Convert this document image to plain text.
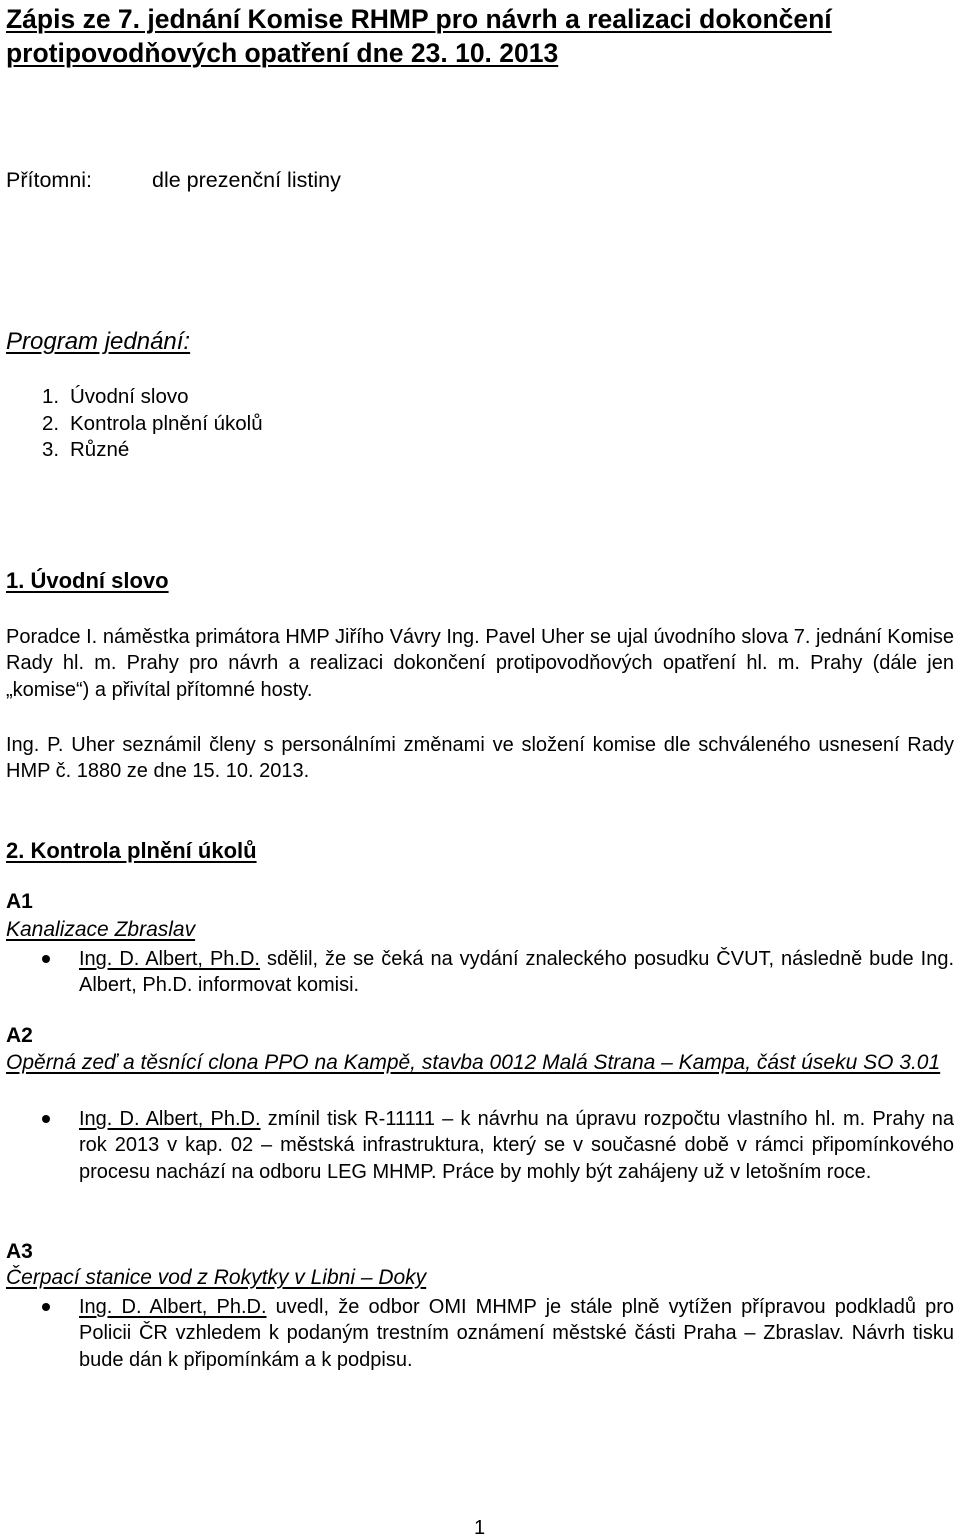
Zápis ze 7. jednání Komise RHMP pro návrh a realizaci dokončení protipovodňových opatření dne 23. 10. 2013
Přítomni:	dle prezenční listiny
Program jednání:
1. Úvodní slovo
2. Kontrola plnění úkolů
3. Různé
1. Úvodní slovo

Poradce I. náměstka primátora HMP Jiřího Vávry Ing. Pavel Uher se ujal úvodního slova 7. jednání Komise Rady hl. m. Prahy pro návrh a realizaci dokončení protipovodňových opatření hl. m. Prahy (dále jen „komise“) a přivítal přítomné hosty.

Ing. P. Uher seznámil členy s personálními změnami ve složení komise dle schváleného usnesení Rady HMP č. 1880 ze dne 15. 10. 2013.

2. Kontrola plnění úkolů
A1

Kanalizace Zbraslav

Ing. D. Albert, Ph.D. sdělil, že se čeká na vydání znaleckého posudku ČVUT, následně bude Ing. Albert, Ph.D. informovat komisi.

A2

Opěrná zeď a těsnící clona PPO na Kampě, stavba 0012 Malá Strana – Kampa, část úseku SO 3.01

Ing. D. Albert, Ph.D. zmínil tisk R-11111 – k návrhu na úpravu rozpočtu vlastního hl. m. Prahy na rok 2013 v kap. 02 – městská infrastruktura, který se v současné době v rámci připomínkového procesu nachází na odboru LEG MHMP. Práce by mohly být zahájeny už v letošním roce.

A3

Čerpací stanice vod z Rokytky v Libni – Doky

Ing. D. Albert, Ph.D. uvedl, že odbor OMI MHMP je stále plně vytížen přípravou podkladů pro Policii ČR vzhledem k podaným trestním oznámení městské části Praha – Zbraslav. Návrh tisku bude dán k připomínkám a k podpisu.

1
